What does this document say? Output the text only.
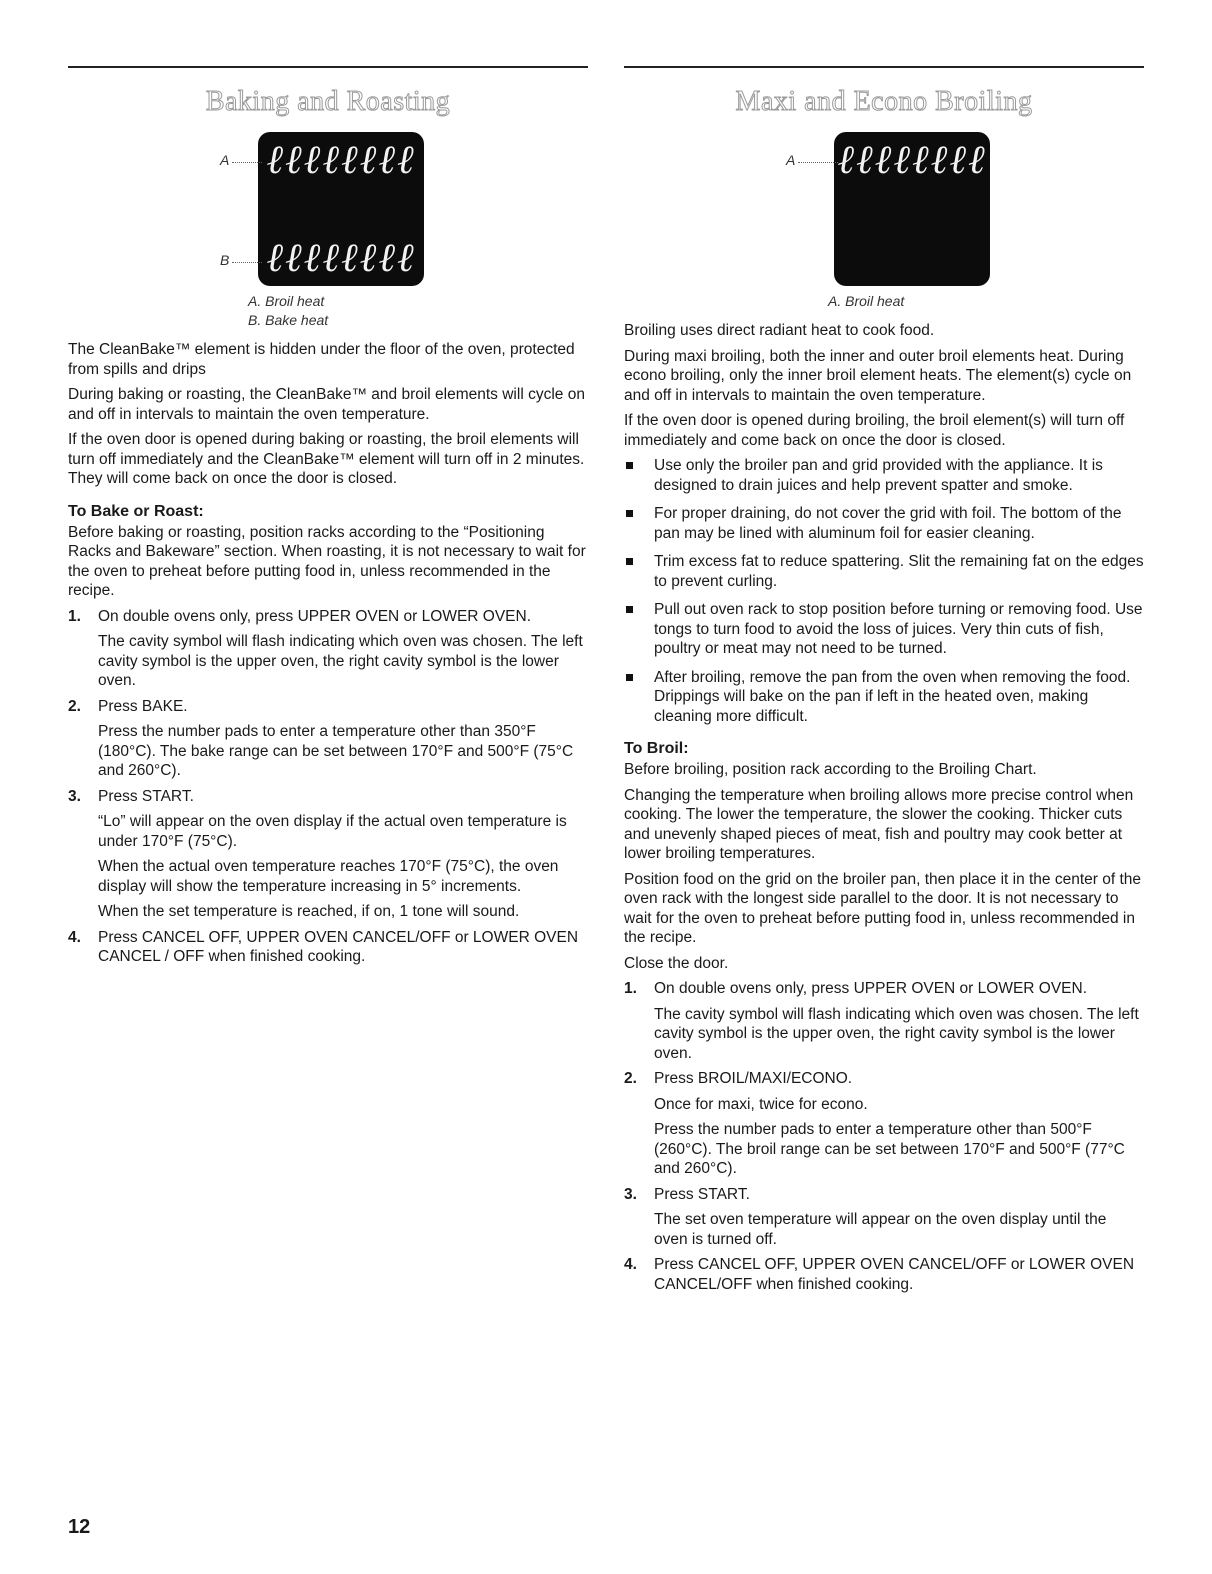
Baking and Roasting
ℓℓℓℓℓℓℓℓ
ℓℓℓℓℓℓℓℓ
A
B
A. Broil heat
B. Bake heat

The CleanBake™ element is hidden under the floor of the oven, protected from spills and drips

During baking or roasting, the CleanBake™ and broil elements will cycle on and off in intervals to maintain the oven temperature.

If the oven door is opened during baking or roasting, the broil elements will turn off immediately and the CleanBake™ element will turn off in 2 minutes. They will come back on once the door is closed.

To Bake or Roast:

Before baking or roasting, position racks according to the “Positioning Racks and Bakeware” section. When roasting, it is not necessary to wait for the oven to preheat before putting food in, unless recommended in the recipe.

1. On double ovens only, press UPPER OVEN or LOWER OVEN.

The cavity symbol will flash indicating which oven was chosen. The left cavity symbol is the upper oven, the right cavity symbol is the lower oven.

2. Press BAKE.

Press the number pads to enter a temperature other than 350°F (180°C). The bake range can be set between 170°F and 500°F (75°C and 260°C).

3. Press START.

“Lo” will appear on the oven display if the actual oven temperature is under 170°F (75°C).

When the actual oven temperature reaches 170°F (75°C), the oven display will show the temperature increasing in 5° increments.

When the set temperature is reached, if on, 1 tone will sound.

4. Press CANCEL OFF, UPPER OVEN CANCEL/OFF or LOWER OVEN CANCEL / OFF when finished cooking.

Maxi and Econo Broiling
ℓℓℓℓℓℓℓℓ
A
A. Broil heat

Broiling uses direct radiant heat to cook food.

During maxi broiling, both the inner and outer broil elements heat. During econo broiling, only the inner broil element heats. The element(s) cycle on and off in intervals to maintain the oven temperature.

If the oven door is opened during broiling, the broil element(s) will turn off immediately and come back on once the door is closed.

Use only the broiler pan and grid provided with the appliance. It is designed to drain juices and help prevent spatter and smoke.
For proper draining, do not cover the grid with foil. The bottom of the pan may be lined with aluminum foil for easier cleaning.
Trim excess fat to reduce spattering. Slit the remaining fat on the edges to prevent curling.
Pull out oven rack to stop position before turning or removing food. Use tongs to turn food to avoid the loss of juices. Very thin cuts of fish, poultry or meat may not need to be turned.
After broiling, remove the pan from the oven when removing the food. Drippings will bake on the pan if left in the heated oven, making cleaning more difficult.
To Broil:

Before broiling, position rack according to the Broiling Chart.

Changing the temperature when broiling allows more precise control when cooking. The lower the temperature, the slower the cooking. Thicker cuts and unevenly shaped pieces of meat, fish and poultry may cook better at lower broiling temperatures.

Position food on the grid on the broiler pan, then place it in the center of the oven rack with the longest side parallel to the door. It is not necessary to wait for the oven to preheat before putting food in, unless recommended in the recipe.

Close the door.

1. On double ovens only, press UPPER OVEN or LOWER OVEN.

The cavity symbol will flash indicating which oven was chosen. The left cavity symbol is the upper oven, the right cavity symbol is the lower oven.

2. Press BROIL/MAXI/ECONO.

Once for maxi, twice for econo.

Press the number pads to enter a temperature other than 500°F (260°C). The broil range can be set between 170°F and 500°F (77°C and 260°C).

3. Press START.

The set oven temperature will appear on the oven display until the oven is turned off.

4. Press CANCEL OFF, UPPER OVEN CANCEL/OFF or LOWER OVEN CANCEL/OFF when finished cooking.

12
